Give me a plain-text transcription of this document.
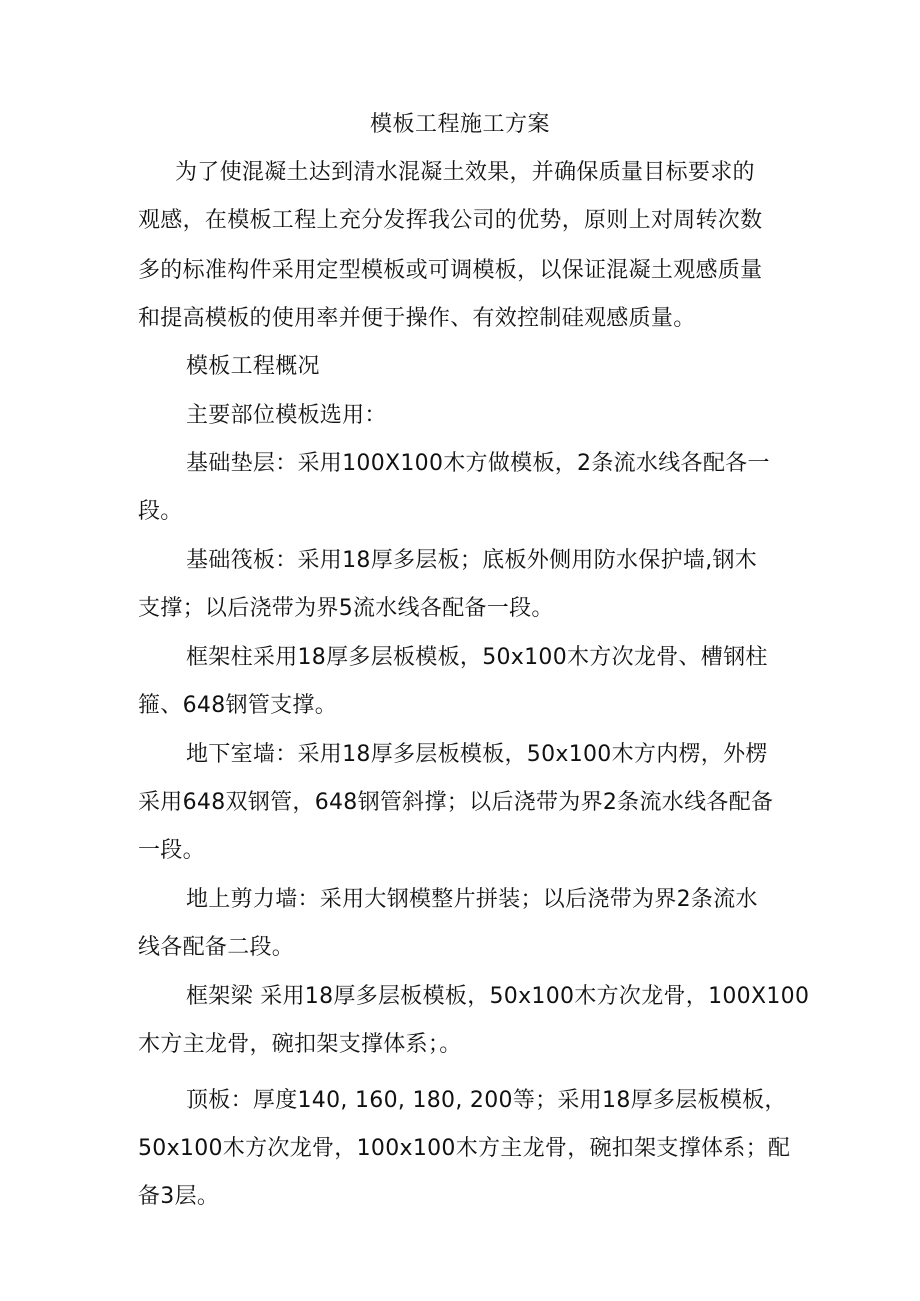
模板工程施工方案
为了使混凝土达到清水混凝土效果，并确保质量目标要求的
观感，在模板工程上充分发挥我公司的优势，原则上对周转次数
多的标准构件采用定型模板或可调模板，以保证混凝土观感质量
和提高模板的使用率并便于操作、有效控制硅观感质量。
模板工程概况
主要部位模板选用：
基础垫层：采用100X100木方做模板，2条流水线各配各一
段。
基础筏板：采用18厚多层板；底板外侧用防水保护墙,钢木
支撑；以后浇带为界5流水线各配备一段。
框架柱采用18厚多层板模板，50x100木方次龙骨、槽钢柱
箍、648钢管支撑。
地下室墙：采用18厚多层板模板，50x100木方内楞，外楞
采用648双钢管，648钢管斜撑；以后浇带为界2条流水线各配备
一段。
地上剪力墙：采用大钢模整片拼装；以后浇带为界2条流水
线各配备二段。
框架梁 采用18厚多层板模板，50x100木方次龙骨，100X100
木方主龙骨，碗扣架支撑体系；。
顶板：厚度140, 160, 180, 200等；采用18厚多层板模板，
50x100木方次龙骨，100x100木方主龙骨，碗扣架支撑体系；配
备3层。
